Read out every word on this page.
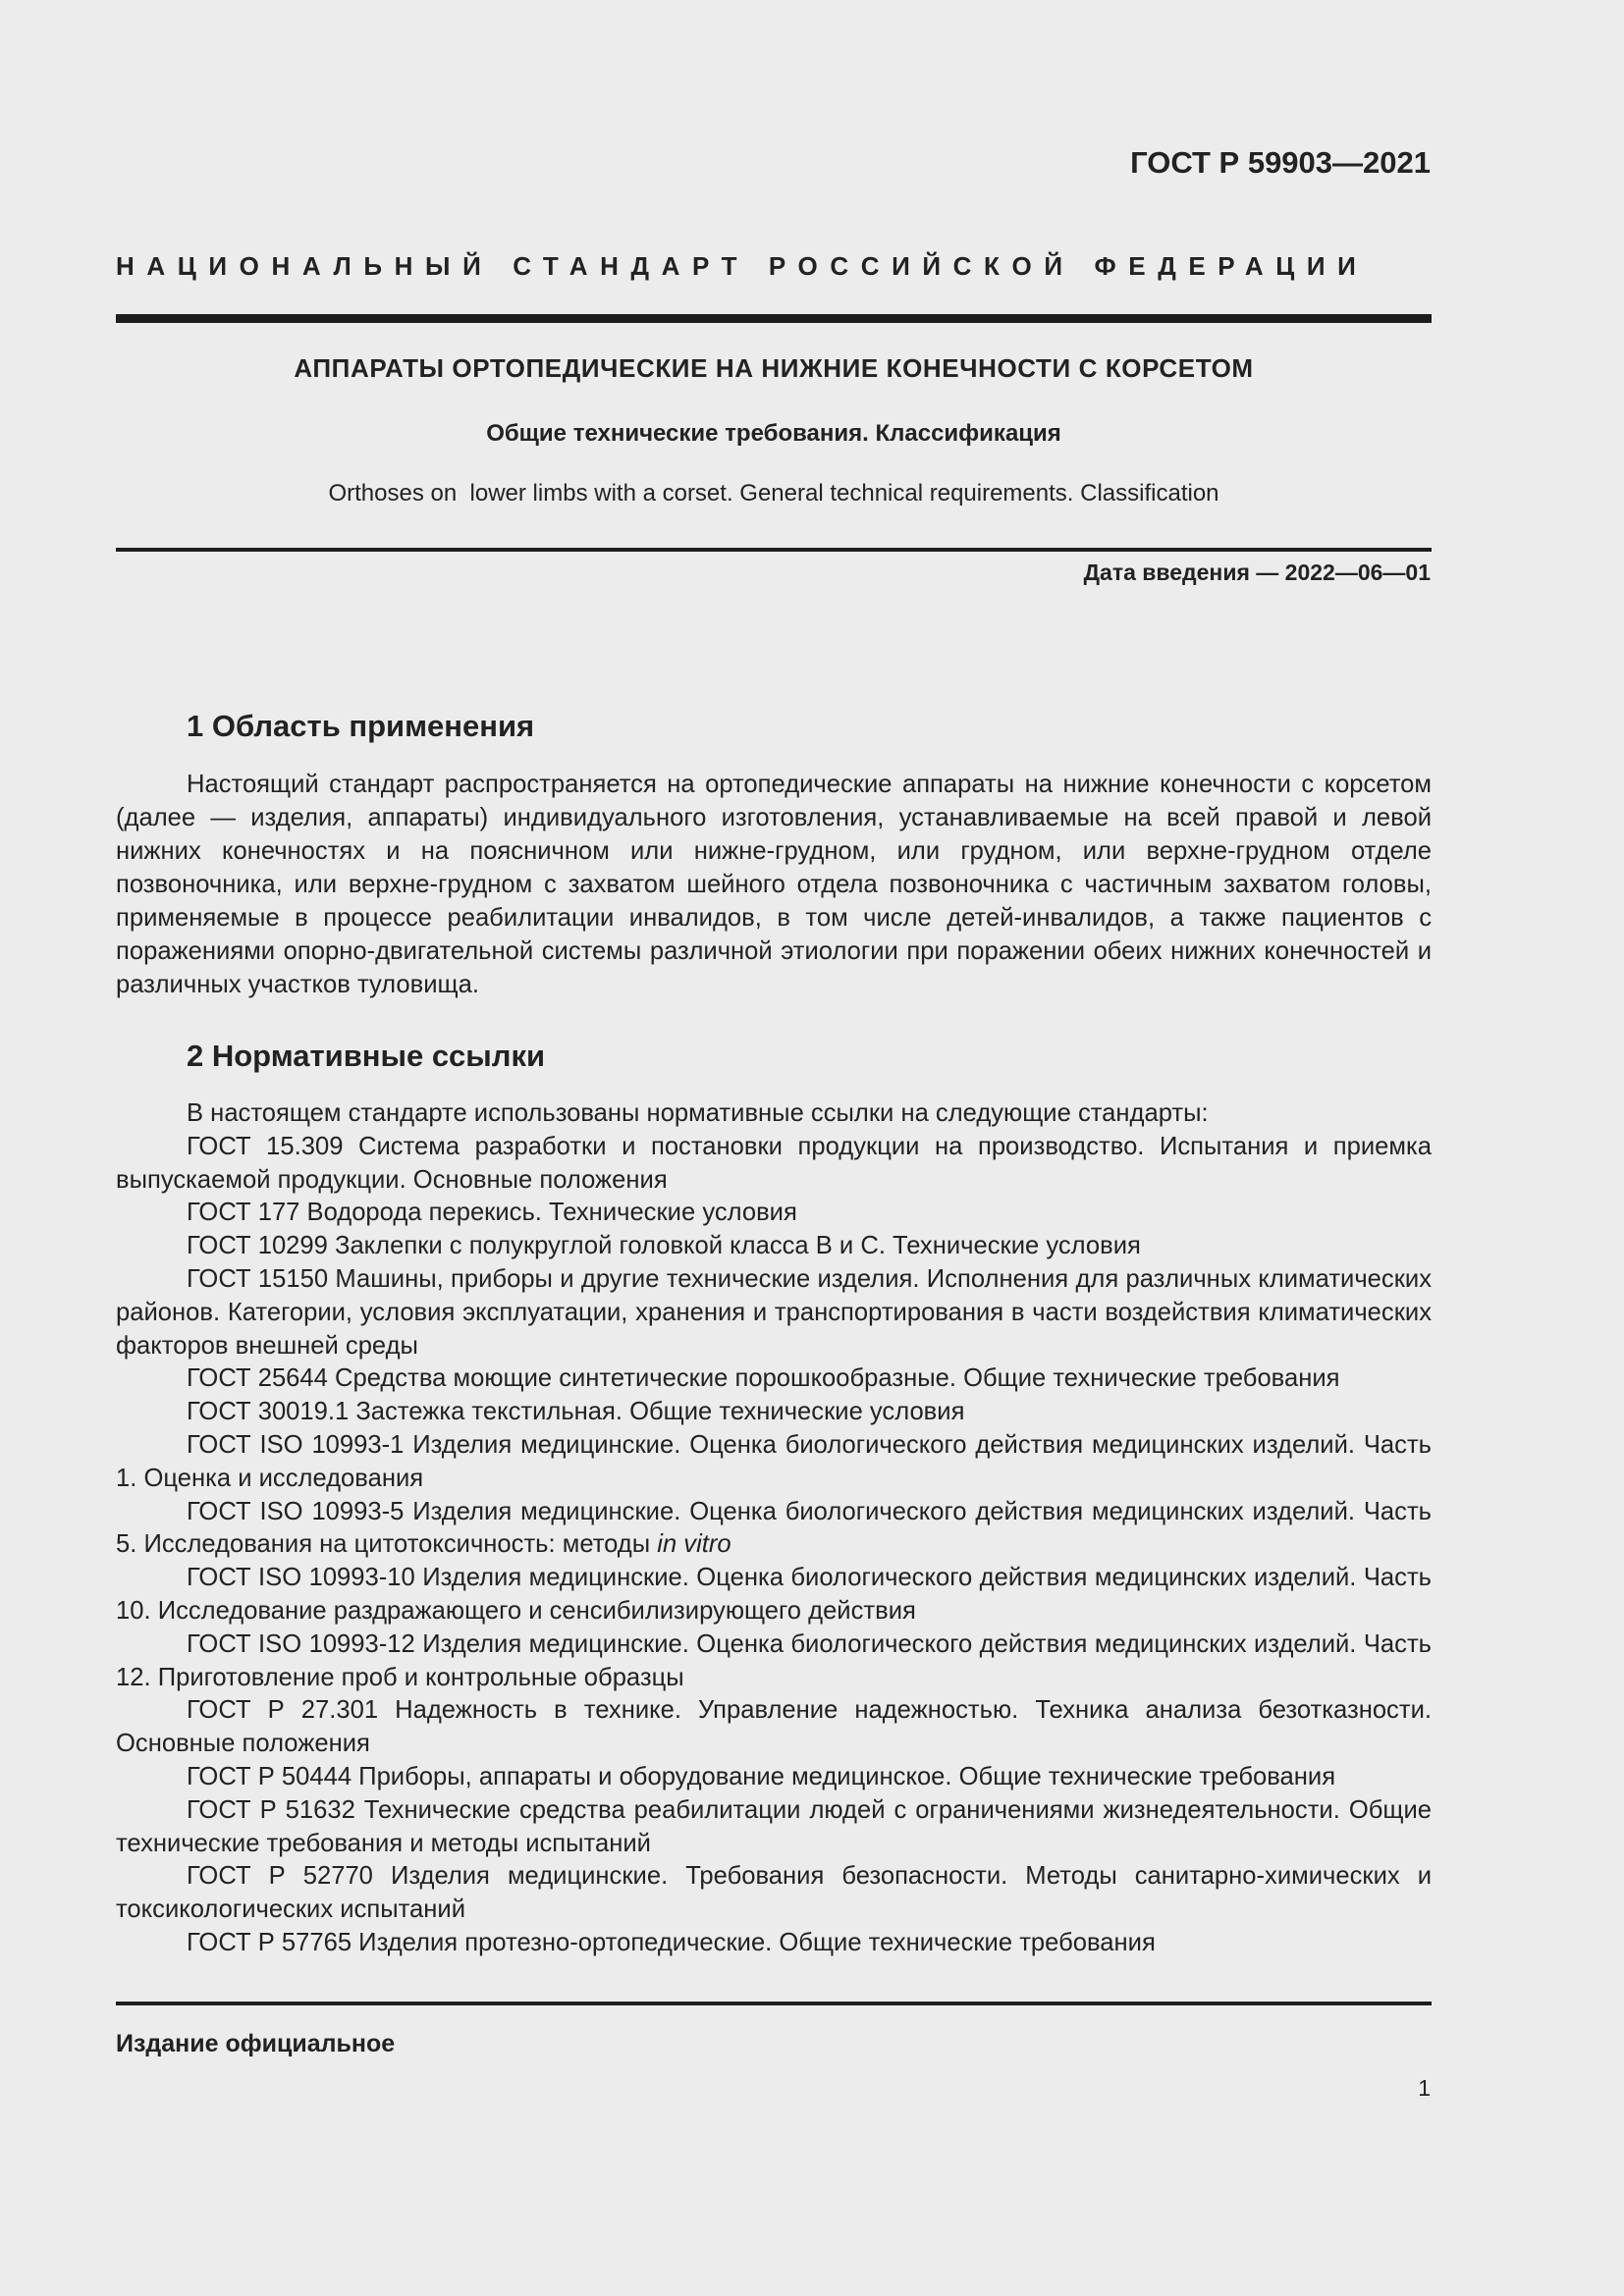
ГОСТ Р 59903—2021
НАЦИОНАЛЬНЫЙ СТАНДАРТ РОССИЙСКОЙ ФЕДЕРАЦИИ
АППАРАТЫ ОРТОПЕДИЧЕСКИЕ НА НИЖНИЕ КОНЕЧНОСТИ С КОРСЕТОМ
Общие технические требования. Классификация
Orthoses on  lower limbs with a corset. General technical requirements. Classification
Дата введения — 2022—06—01
1 Область применения

Настоящий стандарт распространяется на ортопедические аппараты на нижние конечности с корсетом (далее — изделия, аппараты) индивидуального изготовления, устанавливаемые на всей правой и левой нижних конечностях и на поясничном или нижне-грудном, или грудном, или верхне-грудном отделе позвоночника, или верхне-грудном с захватом шейного отдела позвоночника с частичным захватом головы, применяемые в процессе реабилитации инвалидов, в том числе детей-инвалидов, а также пациентов с поражениями опорно-двигательной системы различной этиологии при поражении обеих нижних конечностей и различных участков туловища.

2 Нормативные ссылки

В настоящем стандарте использованы нормативные ссылки на следующие стандарты:

ГОСТ 15.309 Система разработки и постановки продукции на производство. Испытания и приемка выпускаемой продукции. Основные положения

ГОСТ 177 Водорода перекись. Технические условия

ГОСТ 10299 Заклепки с полукруглой головкой класса В и С. Технические условия

ГОСТ 15150 Машины, приборы и другие технические изделия. Исполнения для различных климатических районов. Категории, условия эксплуатации, хранения и транспортирования в части воздействия климатических факторов внешней среды

ГОСТ 25644 Средства моющие синтетические порошкообразные. Общие технические требования

ГОСТ 30019.1 Застежка текстильная. Общие технические условия

ГОСТ ISO 10993-1 Изделия медицинские. Оценка биологического действия медицинских изделий. Часть 1. Оценка и исследования

ГОСТ ISO 10993-5 Изделия медицинские. Оценка биологического действия медицинских изделий. Часть 5. Исследования на цитотоксичность: методы in vitro

ГОСТ ISO 10993-10 Изделия медицинские. Оценка биологического действия медицинских изделий. Часть 10. Исследование раздражающего и сенсибилизирующего действия

ГОСТ ISO 10993-12 Изделия медицинские. Оценка биологического действия медицинских изделий. Часть 12. Приготовление проб и контрольные образцы

ГОСТ Р 27.301 Надежность в технике. Управление надежностью. Техника анализа безотказности. Основные положения

ГОСТ Р 50444 Приборы, аппараты и оборудование медицинское. Общие технические требования

ГОСТ Р 51632 Технические средства реабилитации людей с ограничениями жизнедеятельности. Общие технические требования и методы испытаний

ГОСТ Р 52770 Изделия медицинские. Требования безопасности. Методы санитарно-химических и токсикологических испытаний

ГОСТ Р 57765 Изделия протезно-ортопедические. Общие технические требования

Издание официальное
1
